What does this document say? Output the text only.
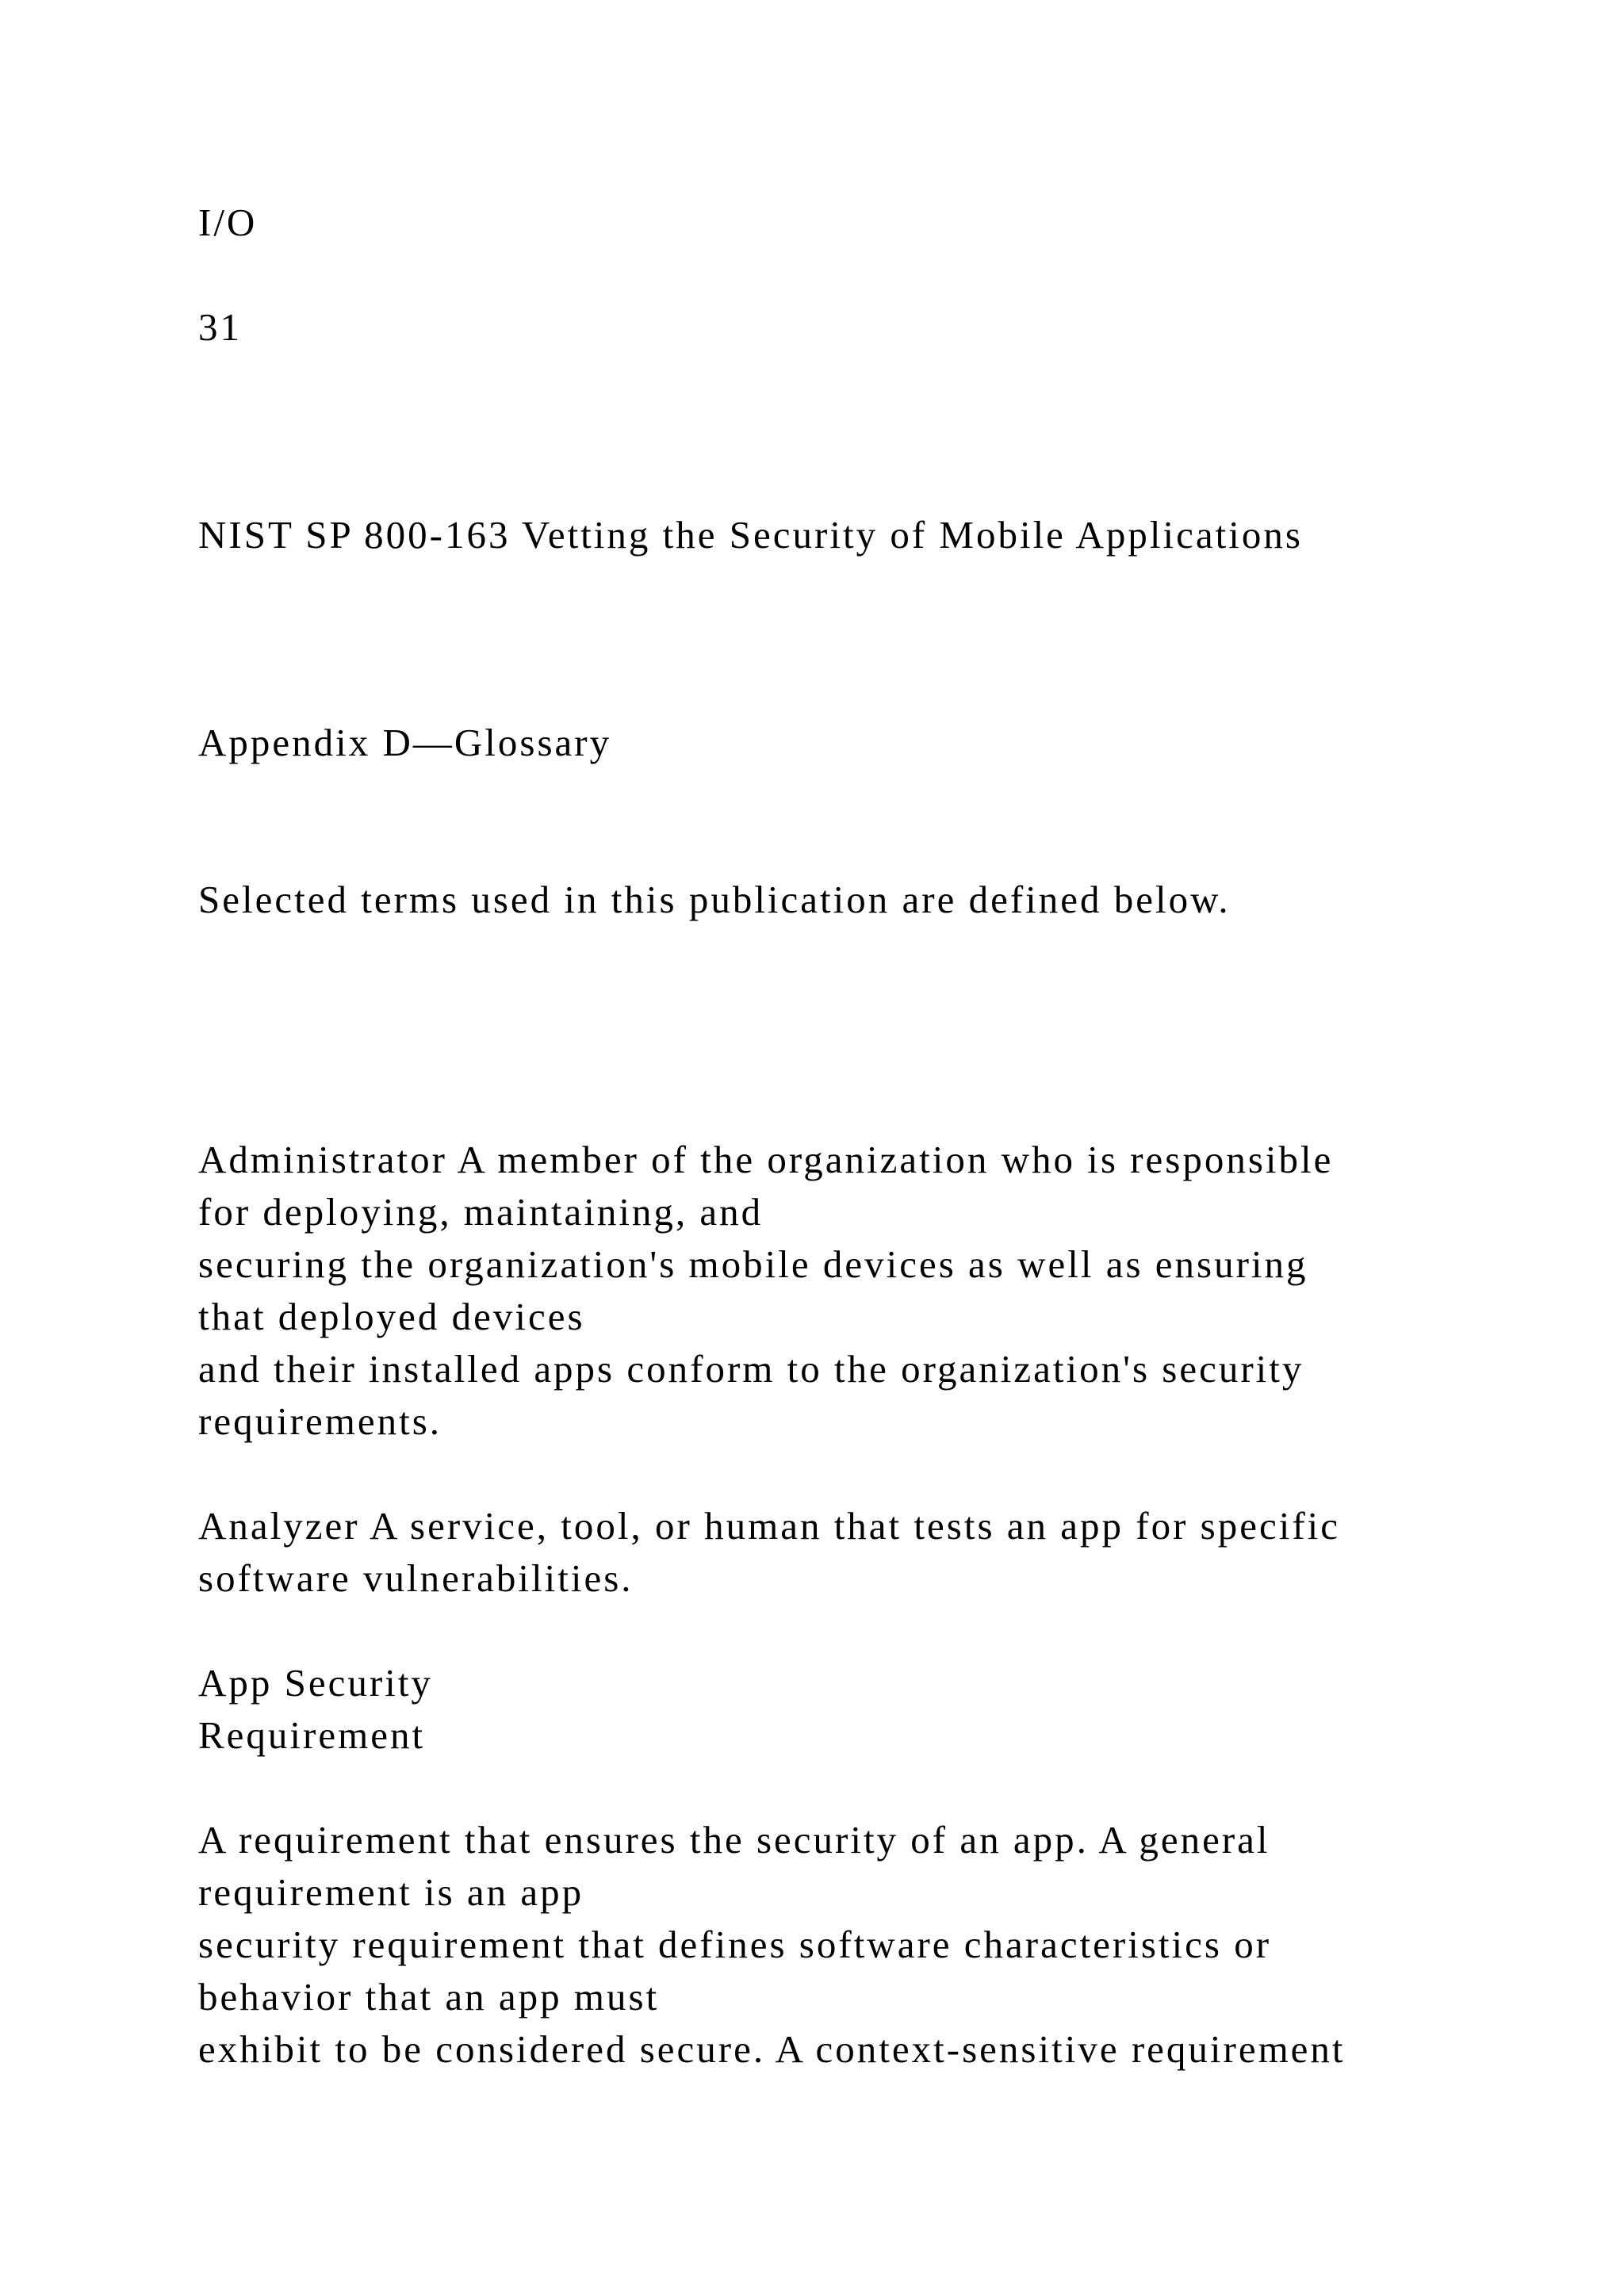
I/O

31

NIST SP 800-163 Vetting the Security of Mobile Applications

Appendix D—Glossary

Selected terms used in this publication are defined below.

Administrator A member of the organization who is responsible

for deploying, maintaining, and

securing the organization's mobile devices as well as ensuring

that deployed devices

and their installed apps conform to the organization's security

requirements.

Analyzer A service, tool, or human that tests an app for specific

software vulnerabilities.

App Security

Requirement

A requirement that ensures the security of an app. A general

requirement is an app

security requirement that defines software characteristics or

behavior that an app must

exhibit to be considered secure. A context-sensitive requirement
